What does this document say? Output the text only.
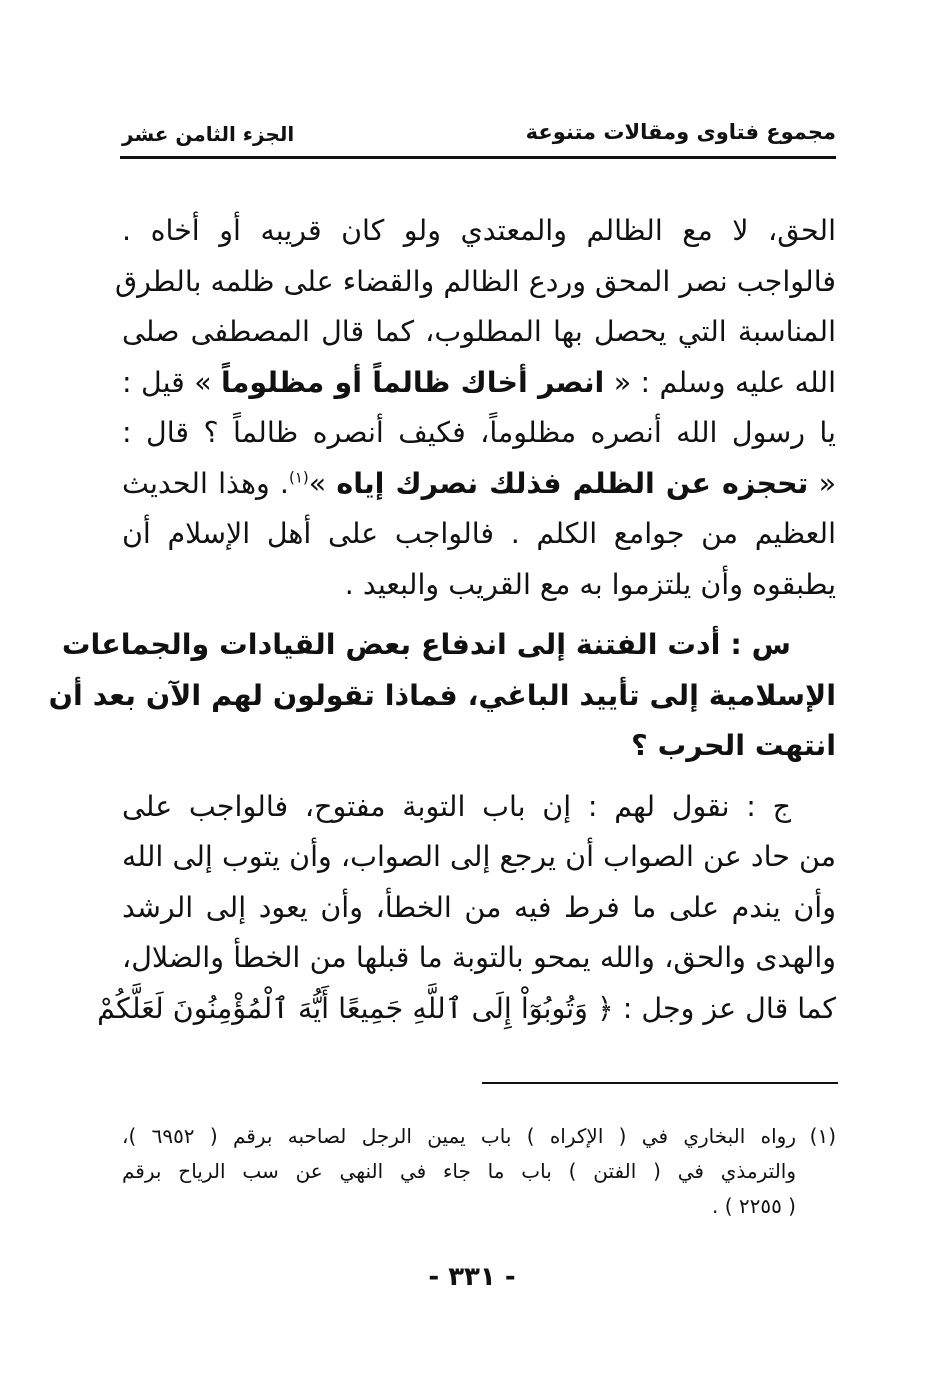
مجموع فتاوى ومقالات متنوعة
الجزء الثامن عشر
الحق، لا مع الظالم والمعتدي ولو كان قريبه أو أخاه .
فالواجب نصر المحق وردع الظالم والقضاء على ظلمه بالطرق
المناسبة التي يحصل بها المطلوب، كما قال المصطفى صلى
الله عليه وسلم : « انصر أخاك ظالماً أو مظلوماً » قيل :
يا رسول الله أنصره مظلوماً، فكيف أنصره ظالماً ؟ قال :
« تحجزه عن الظلم فذلك نصرك إياه »$^{(١)}$. وهذا الحديث
العظيم من جوامع الكلم . فالواجب على أهل الإسلام أن
يطبقوه وأن يلتزموا به مع القريب والبعيد .
س : أدت الفتنة إلى اندفاع بعض القيادات والجماعات
الإسلامية إلى تأييد الباغي، فماذا تقولون لهم الآن بعد أن
انتهت الحرب ؟
ج : نقول لهم : إن باب التوبة مفتوح، فالواجب على
من حاد عن الصواب أن يرجع إلى الصواب، وأن يتوب إلى الله
وأن يندم على ما فرط فيه من الخطأ، وأن يعود إلى الرشد
والهدى والحق، والله يمحو بالتوبة ما قبلها من الخطأ والضلال،
كما قال عز وجل : ﴿ وَتُوبُوٓاْ إِلَى ٱللَّهِ جَمِيعًا أَيُّهَ ٱلْمُؤْمِنُونَ لَعَلَّكُمْ
(١)رواه البخاري في ( الإكراه ) باب يمين الرجل لصاحبه برقم ( ٦٩٥٢ )،
والترمذي في ( الفتن ) باب ما جاء في النهي عن سب الرياح برقم
( ٢٢٥٥ ) .
- ٣٣١ -
